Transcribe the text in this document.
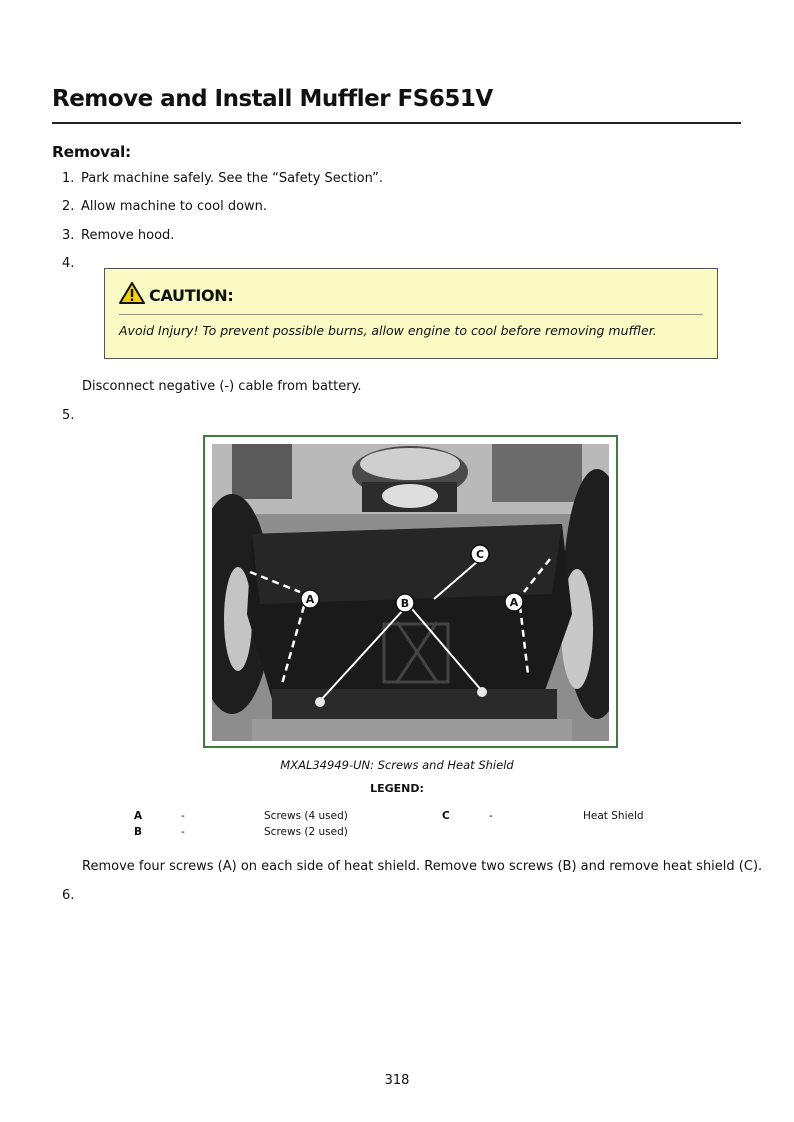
Remove and Install Muffler FS651V
Removal:
1. Park machine safely. See the “Safety Section”.
2. Allow machine to cool down.
3. Remove hood.
4.
CAUTION:
Avoid Injury! To prevent possible burns, allow engine to cool before removing muffler.
Disconnect negative (-) cable from battery.
5.
A	B
C
A
MXAL34949-UN: Screws and Heat Shield
LEGEND:
A	-	Screws (4 used)
B	-	Screws (2 used)
C	-	Heat Shield
Remove four screws (A) on each side of heat shield. Remove two screws (B) and remove heat shield (C).
6.
318
